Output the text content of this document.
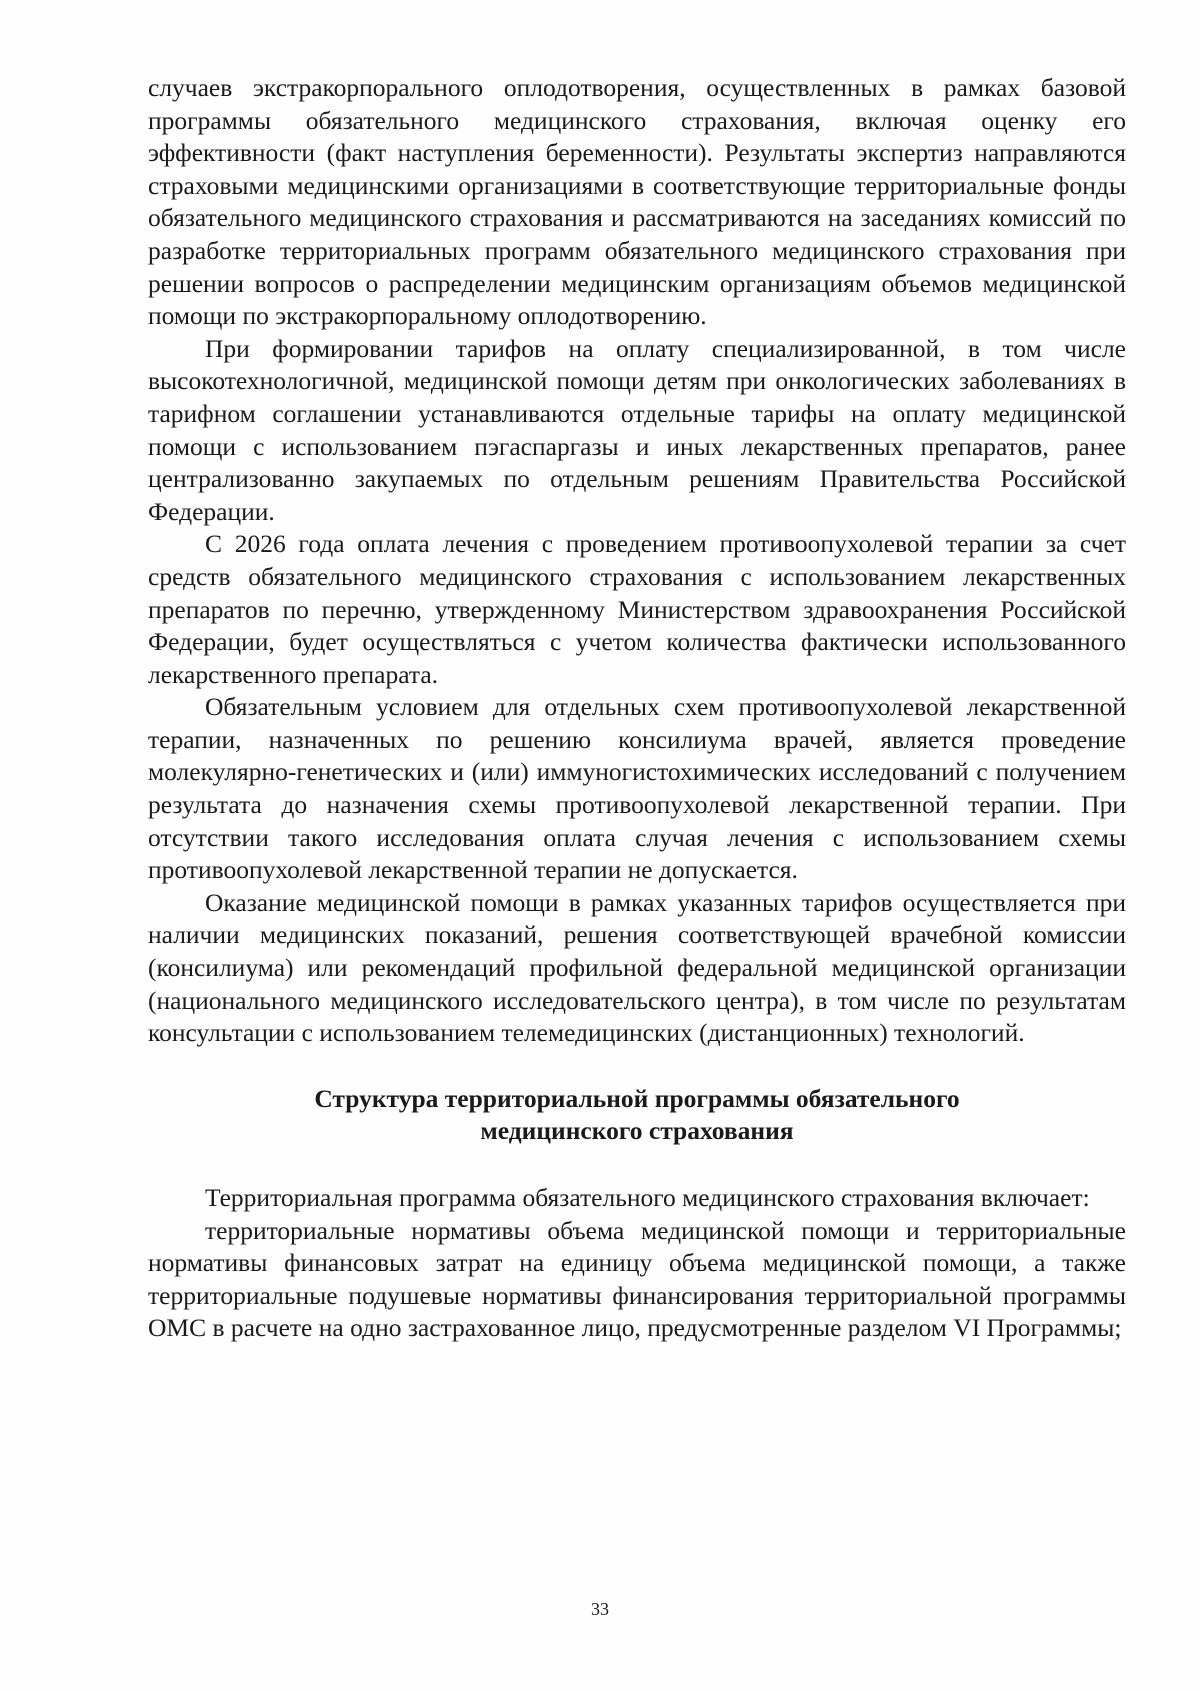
случаев экстракорпорального оплодотворения, осуществленных в рамках базовой программы обязательного медицинского страхования, включая оценку его эффективности (факт наступления беременности). Результаты экспертиз направляются страховыми медицинскими организациями в соответствующие территориальные фонды обязательного медицинского страхования и рассматриваются на заседаниях комиссий по разработке территориальных программ обязательного медицинского страхования при решении вопросов о распределении медицинским организациям объемов медицинской помощи по экстракорпоральному оплодотворению.

При формировании тарифов на оплату специализированной, в том числе высокотехнологичной, медицинской помощи детям при онкологических заболеваниях в тарифном соглашении устанавливаются отдельные тарифы на оплату медицинской помощи с использованием пэгаспаргазы и иных лекарственных препаратов, ранее централизованно закупаемых по отдельным решениям Правительства Российской Федерации.

С 2026 года оплата лечения с проведением противоопухолевой терапии за счет средств обязательного медицинского страхования с использованием лекарственных препаратов по перечню, утвержденному Министерством здравоохранения Российской Федерации, будет осуществляться с учетом количества фактически использованного лекарственного препарата.

Обязательным условием для отдельных схем противоопухолевой лекарственной терапии, назначенных по решению консилиума врачей, является проведение молекулярно-генетических и (или) иммуногистохимических исследований с получением результата до назначения схемы противоопухолевой лекарственной терапии. При отсутствии такого исследования оплата случая лечения с использованием схемы противоопухолевой лекарственной терапии не допускается.

Оказание медицинской помощи в рамках указанных тарифов осуществляется при наличии медицинских показаний, решения соответствующей врачебной комиссии (консилиума) или рекомендаций профильной федеральной медицинской организации (национального медицинского исследовательского центра), в том числе по результатам консультации с использованием телемедицинских (дистанционных) технологий.

Структура территориальной программы обязательного
медицинского страхования

Территориальная программа обязательного медицинского страхования включает:

территориальные нормативы объема медицинской помощи и территориальные нормативы финансовых затрат на единицу объема медицинской помощи, а также территориальные подушевые нормативы финансирования территориальной программы ОМС в расчете на одно застрахованное лицо, предусмотренные разделом VI Программы;

33
